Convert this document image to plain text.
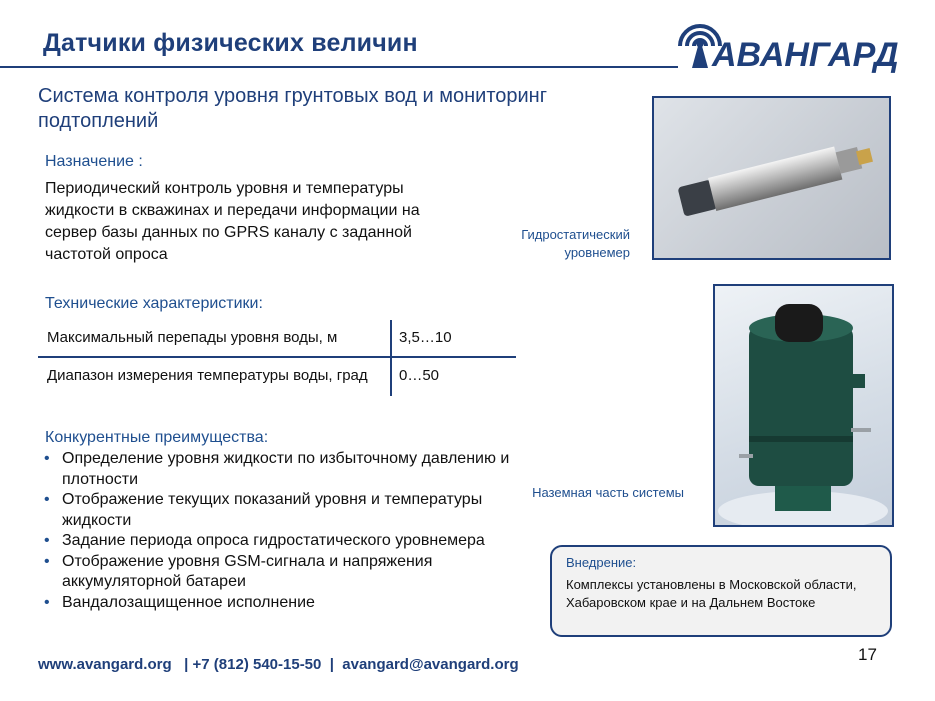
Датчики физических величин	АВАНГАРД
Система контроля уровня грунтовых вод и мониторинг подтоплений
Назначение :
Периодический контроль уровня и температуры жидкости в скважинах и передачи информации на сервер базы данных по GPRS каналу с заданной частотой опроса
Технические характеристики:
Максимальный перепады уровня воды, м	3,5…10
Диапазон измерения температуры воды, град	0…50
Конкурентные преимущества:
• Определение уровня жидкости по избыточному давлению и плотности
• Отображение текущих показаний уровня и температуры жидкости
• Задание периода опроса гидростатического уровнемера
• Отображение уровня GSM-сигнала и напряжения аккумуляторной батареи
• Вандалозащищенное исполнение
Гидростатический уровнемер
Наземная часть системы
Внедрение:
Комплексы установлены в Московской области, Хабаровском крае и на Дальнем Востоке
17
www.avangard.org | +7 (812) 540-15-50 | avangard@avangard.org
